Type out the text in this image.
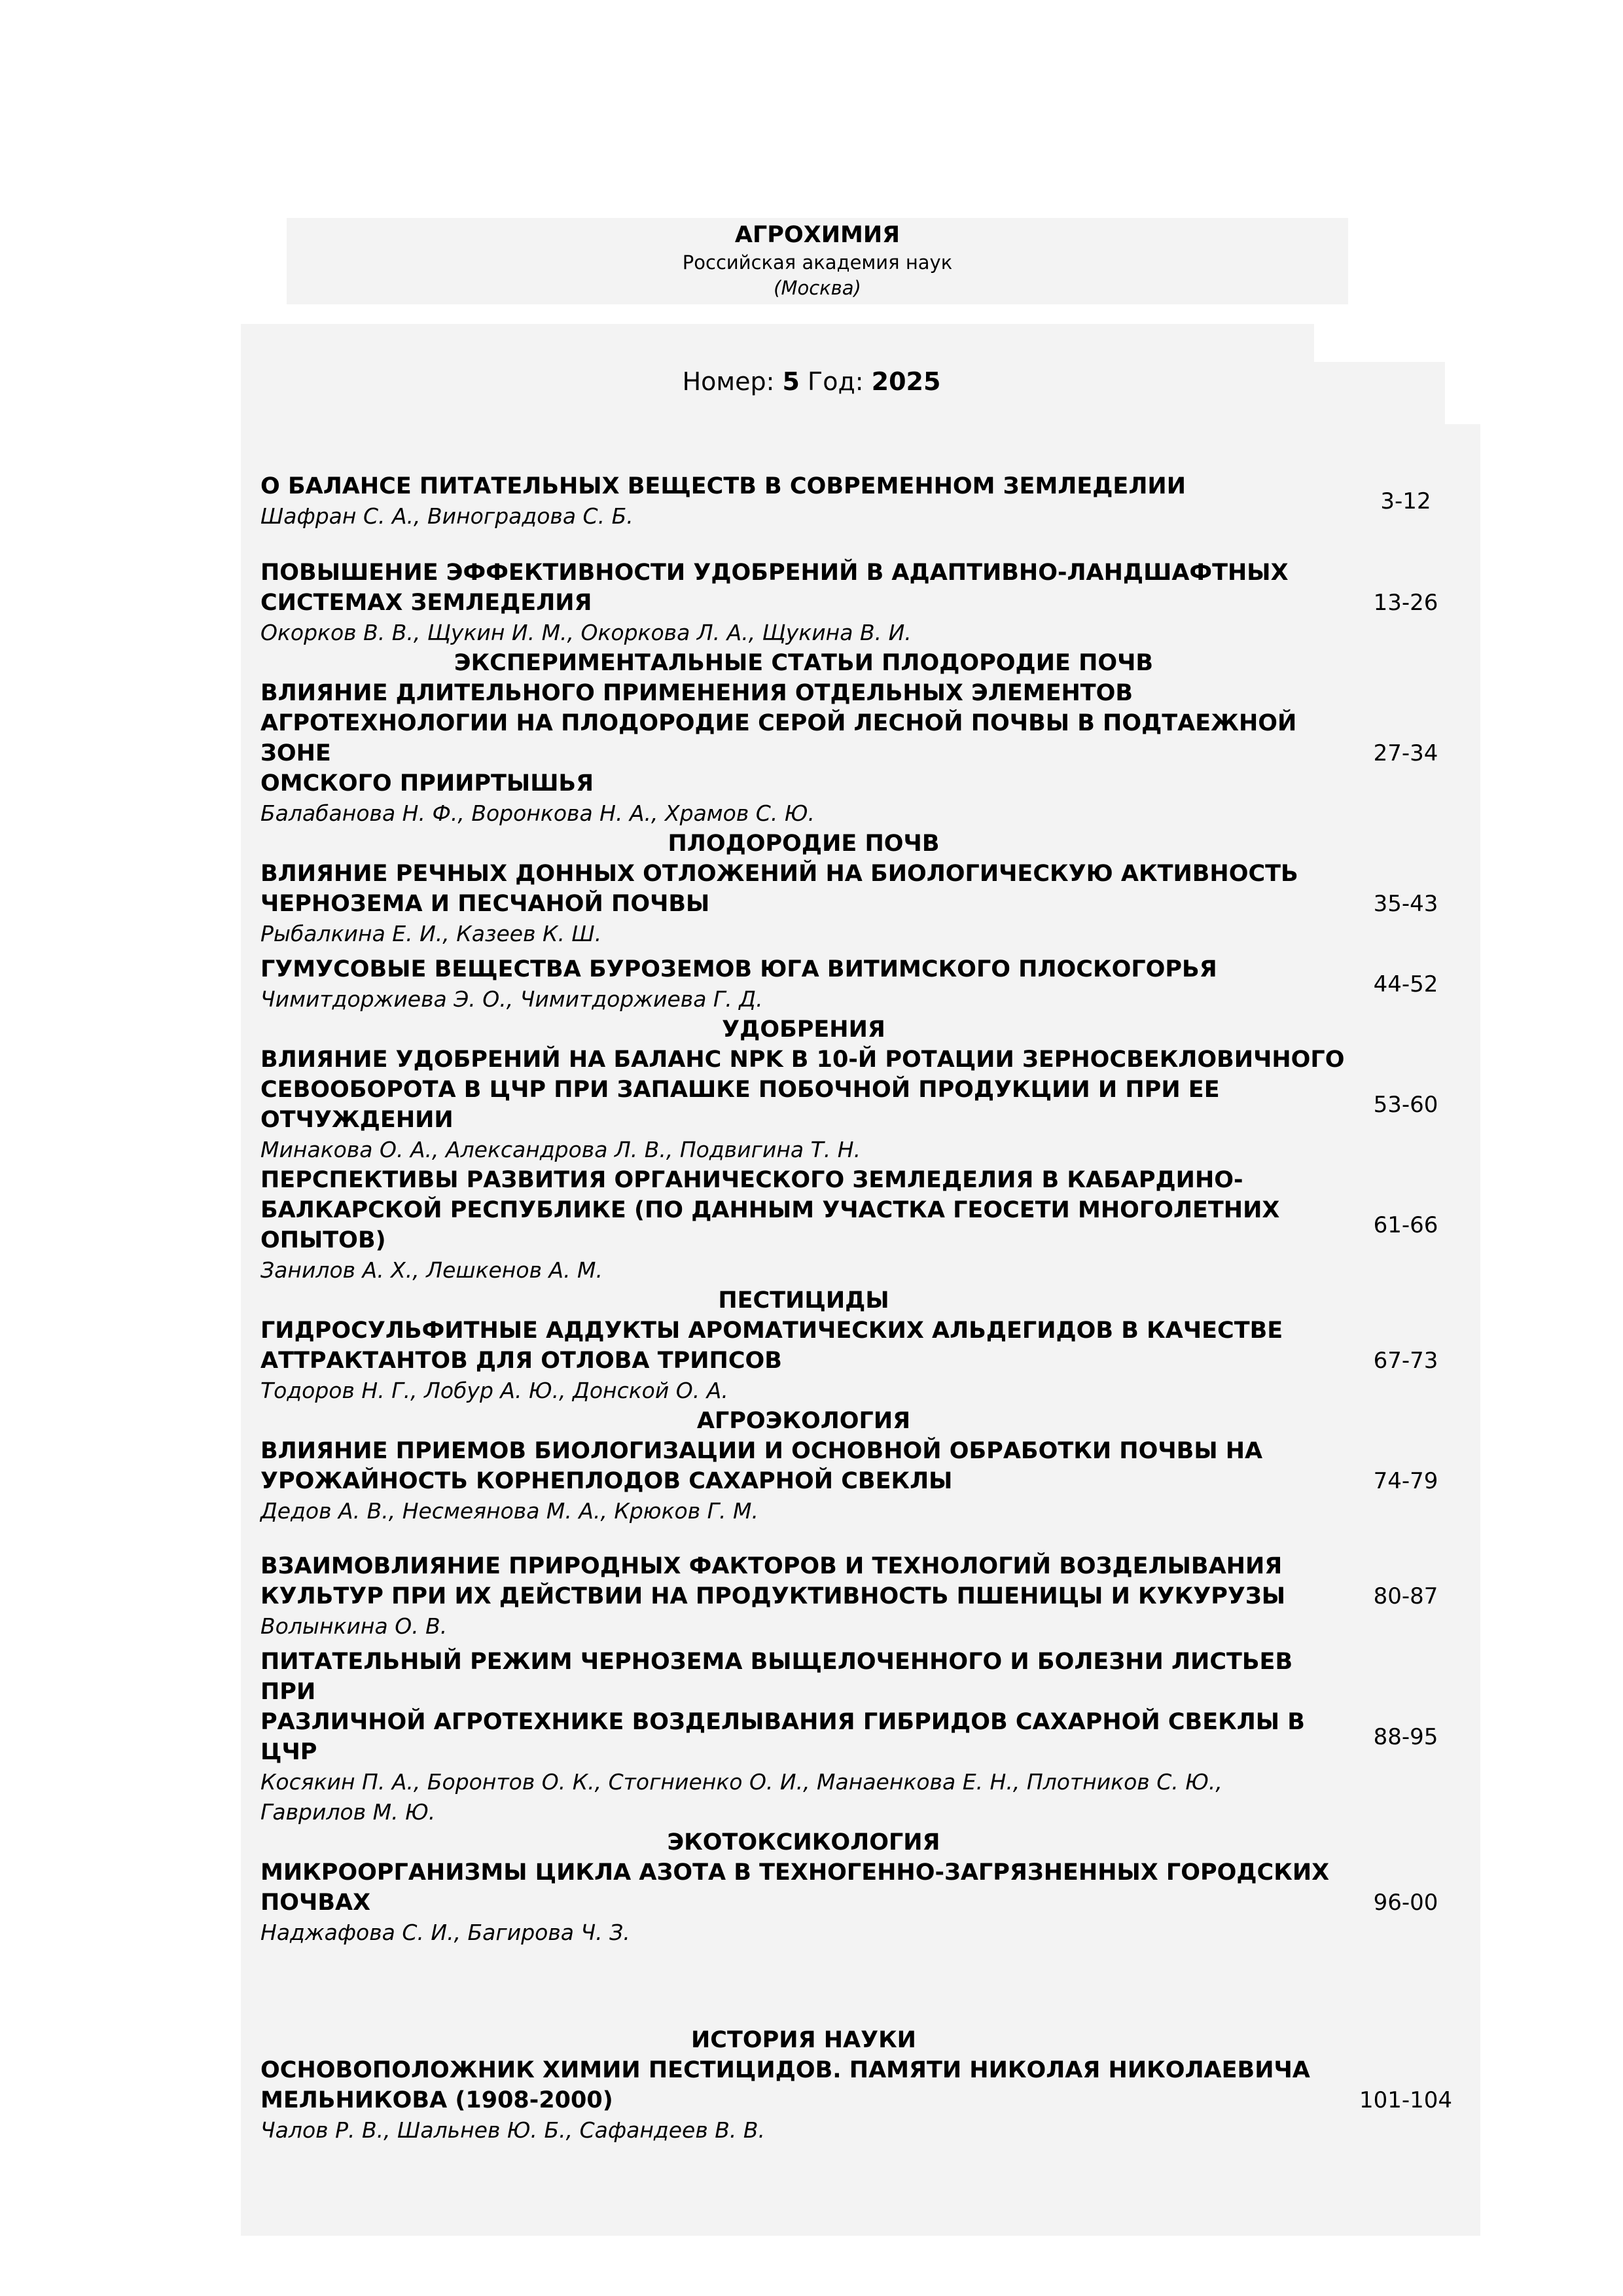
АГРОХИМИЯ
Российская академия наук
(Москва)
Номер: 5 Год: 2025
О БАЛАНСЕ ПИТАТЕЛЬНЫХ ВЕЩЕСТВ В СОВРЕМЕННОМ ЗЕМЛЕДЕЛИИ
Шафран С. А., Виноградова С. Б.
3-12
ПОВЫШЕНИЕ ЭФФЕКТИВНОСТИ УДОБРЕНИЙ В АДАПТИВНО-ЛАНДШАФТНЫХ
СИСТЕМАХ ЗЕМЛЕДЕЛИЯ
Окорков В. В., Щукин И. М., Окоркова Л. А., Щукина В. И.
13-26
ЭКСПЕРИМЕНТАЛЬНЫЕ СТАТЬИ ПЛОДОРОДИЕ ПОЧВ
ВЛИЯНИЕ ДЛИТЕЛЬНОГО ПРИМЕНЕНИЯ ОТДЕЛЬНЫХ ЭЛЕМЕНТОВ
АГРОТЕХНОЛОГИИ НА ПЛОДОРОДИЕ СЕРОЙ ЛЕСНОЙ ПОЧВЫ В ПОДТАЕЖНОЙ ЗОНЕ
ОМСКОГО ПРИИРТЫШЬЯ
Балабанова Н. Ф., Воронкова Н. А., Храмов С. Ю.
27-34
ПЛОДОРОДИЕ ПОЧВ
ВЛИЯНИЕ РЕЧНЫХ ДОННЫХ ОТЛОЖЕНИЙ НА БИОЛОГИЧЕСКУЮ АКТИВНОСТЬ
ЧЕРНОЗЕМА И ПЕСЧАНОЙ ПОЧВЫ
Рыбалкина Е. И., Казеев К. Ш.
35-43
ГУМУСОВЫЕ ВЕЩЕСТВА БУРОЗЕМОВ ЮГА ВИТИМСКОГО ПЛОСКОГОРЬЯ
Чимитдоржиева Э. О., Чимитдоржиева Г. Д.
44-52
УДОБРЕНИЯ
ВЛИЯНИЕ УДОБРЕНИЙ НА БАЛАНС NPK В 10-Й РОТАЦИИ ЗЕРНОСВЕКЛОВИЧНОГО
СЕВООБОРОТА В ЦЧР ПРИ ЗАПАШКЕ ПОБОЧНОЙ ПРОДУКЦИИ И ПРИ ЕЕ
ОТЧУЖДЕНИИ
Минакова О. А., Александрова Л. В., Подвигина Т. Н.
53-60
ПЕРСПЕКТИВЫ РАЗВИТИЯ ОРГАНИЧЕСКОГО ЗЕМЛЕДЕЛИЯ В КАБАРДИНО-
БАЛКАРСКОЙ РЕСПУБЛИКЕ (ПО ДАННЫМ УЧАСТКА ГЕОСЕТИ МНОГОЛЕТНИХ
ОПЫТОВ)
Занилов А. Х., Лешкенов А. М.
61-66
ПЕСТИЦИДЫ
ГИДРОСУЛЬФИТНЫЕ АДДУКТЫ АРОМАТИЧЕСКИХ АЛЬДЕГИДОВ В КАЧЕСТВЕ
АТТРАКТАНТОВ ДЛЯ ОТЛОВА ТРИПСОВ
Тодоров Н. Г., Лобур А. Ю., Донской О. А.
67-73
АГРОЭКОЛОГИЯ
ВЛИЯНИЕ ПРИЕМОВ БИОЛОГИЗАЦИИ И ОСНОВНОЙ ОБРАБОТКИ ПОЧВЫ НА
УРОЖАЙНОСТЬ КОРНЕПЛОДОВ САХАРНОЙ СВЕКЛЫ
Дедов А. В., Несмеянова М. А., Крюков Г. М.
74-79
ВЗАИМОВЛИЯНИЕ ПРИРОДНЫХ ФАКТОРОВ И ТЕХНОЛОГИЙ ВОЗДЕЛЫВАНИЯ
КУЛЬТУР ПРИ ИХ ДЕЙСТВИИ НА ПРОДУКТИВНОСТЬ ПШЕНИЦЫ И КУКУРУЗЫ
Волынкина О. В.
80-87
ПИТАТЕЛЬНЫЙ РЕЖИМ ЧЕРНОЗЕМА ВЫЩЕЛОЧЕННОГО И БОЛЕЗНИ ЛИСТЬЕВ ПРИ
РАЗЛИЧНОЙ АГРОТЕХНИКЕ ВОЗДЕЛЫВАНИЯ ГИБРИДОВ САХАРНОЙ СВЕКЛЫ В ЦЧР
Косякин П. А., Боронтов О. К., Стогниенко О. И., Манаенкова Е. Н., Плотников С. Ю.,
Гаврилов М. Ю.
88-95
ЭКОТОКСИКОЛОГИЯ
МИКРООРГАНИЗМЫ ЦИКЛА АЗОТА В ТЕХНОГЕННО-ЗАГРЯЗНЕННЫХ ГОРОДСКИХ
ПОЧВАХ
Наджафова С. И., Багирова Ч. З.
96-00
ИСТОРИЯ НАУКИ
ОСНОВОПОЛОЖНИК ХИМИИ ПЕСТИЦИДОВ. ПАМЯТИ НИКОЛАЯ НИКОЛАЕВИЧА
МЕЛЬНИКОВА (1908-2000)
Чалов Р. В., Шальнев Ю. Б., Сафандеев В. В.
101-104
